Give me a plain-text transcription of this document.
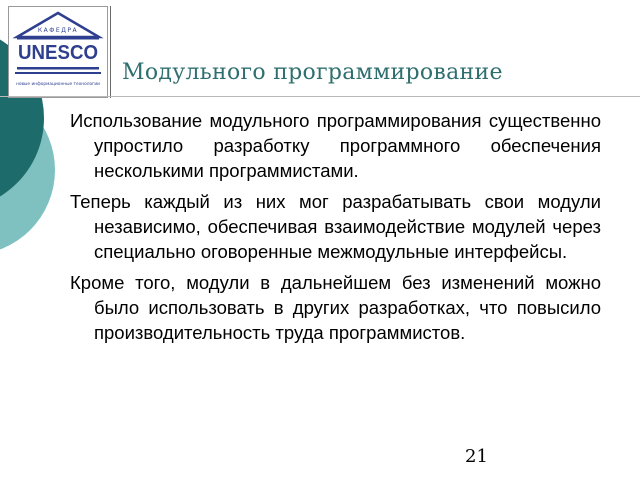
КАФЕДРА
UNESCO
новые информационные технологии Модульного программирование

Использование модульного программирования существенно упростило разработку программного обеспечения несколькими программистами.

Теперь каждый из них мог разрабатывать свои модули независимо, обеспечивая взаимодействие модулей через специально оговоренные межмодульные интерфейсы.

Кроме того, модули в дальнейшем без изменений можно было использовать в других разработках, что повысило производительность труда программистов.

21
